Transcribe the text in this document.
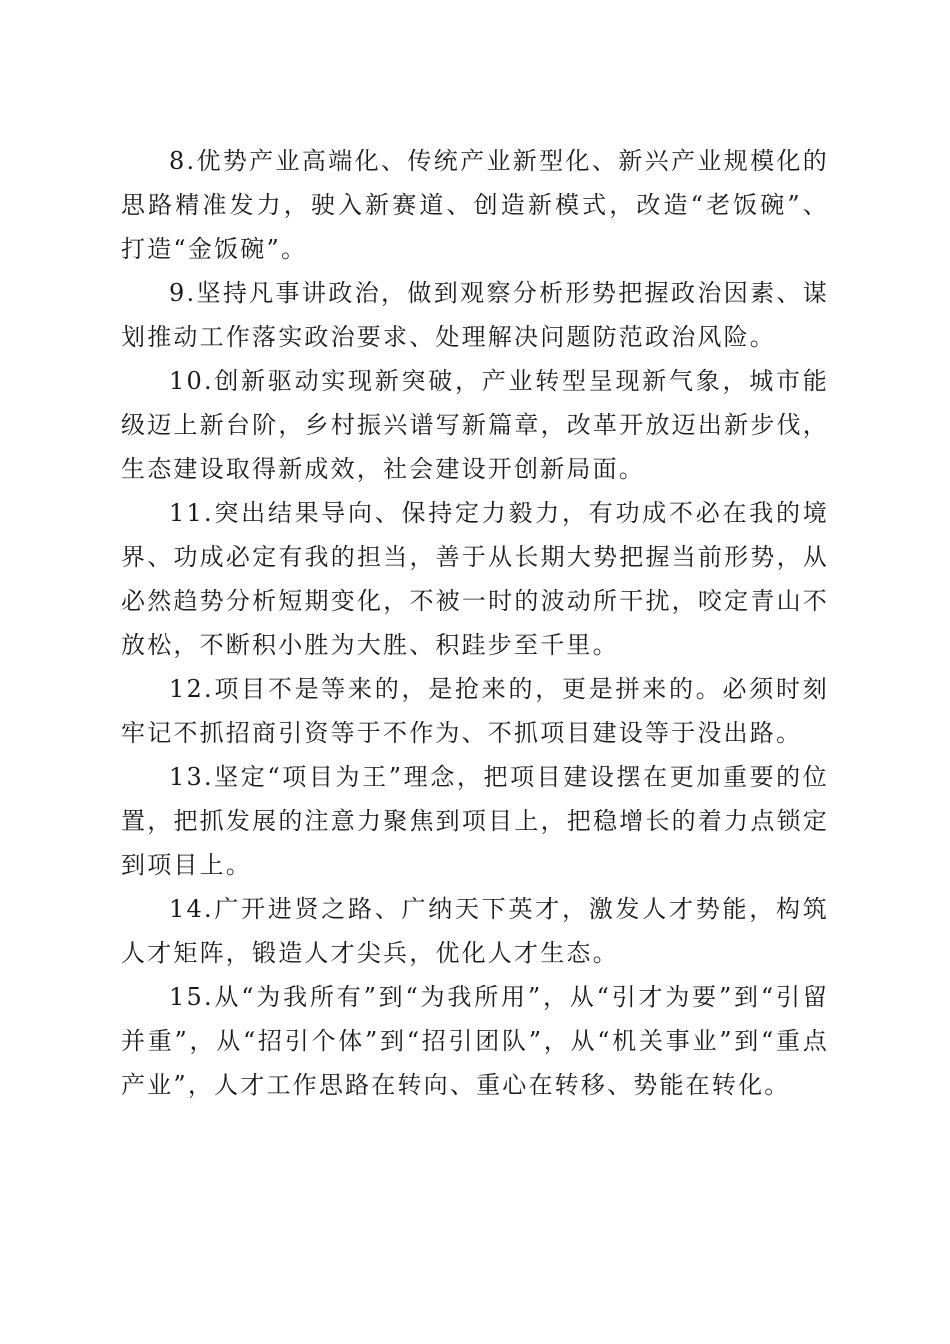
8.优势产业高端化、传统产业新型化、新兴产业规模化的思路精准发力，驶入新赛道、创造新模式，改造“老饭碗”、打造“金饭碗”。

9.坚持凡事讲政治，做到观察分析形势把握政治因素、谋划推动工作落实政治要求、处理解决问题防范政治风险。

10.创新驱动实现新突破，产业转型呈现新气象，城市能级迈上新台阶，乡村振兴谱写新篇章，改革开放迈出新步伐，生态建设取得新成效，社会建设开创新局面。

11.突出结果导向、保持定力毅力，有功成不必在我的境界、功成必定有我的担当，善于从长期大势把握当前形势，从必然趋势分析短期变化，不被一时的波动所干扰，咬定青山不放松，不断积小胜为大胜、积跬步至千里。

12.项目不是等来的，是抢来的，更是拼来的。必须时刻牢记不抓招商引资等于不作为、不抓项目建设等于没出路。

13.坚定“项目为王”理念，把项目建设摆在更加重要的位置，把抓发展的注意力聚焦到项目上，把稳增长的着力点锁定到项目上。

14.广开进贤之路、广纳天下英才，激发人才势能，构筑人才矩阵，锻造人才尖兵，优化人才生态。

15.从“为我所有”到“为我所用”，从“引才为要”到“引留并重”，从“招引个体”到“招引团队”，从“机关事业”到“重点产业”，人才工作思路在转向、重心在转移、势能在转化。
